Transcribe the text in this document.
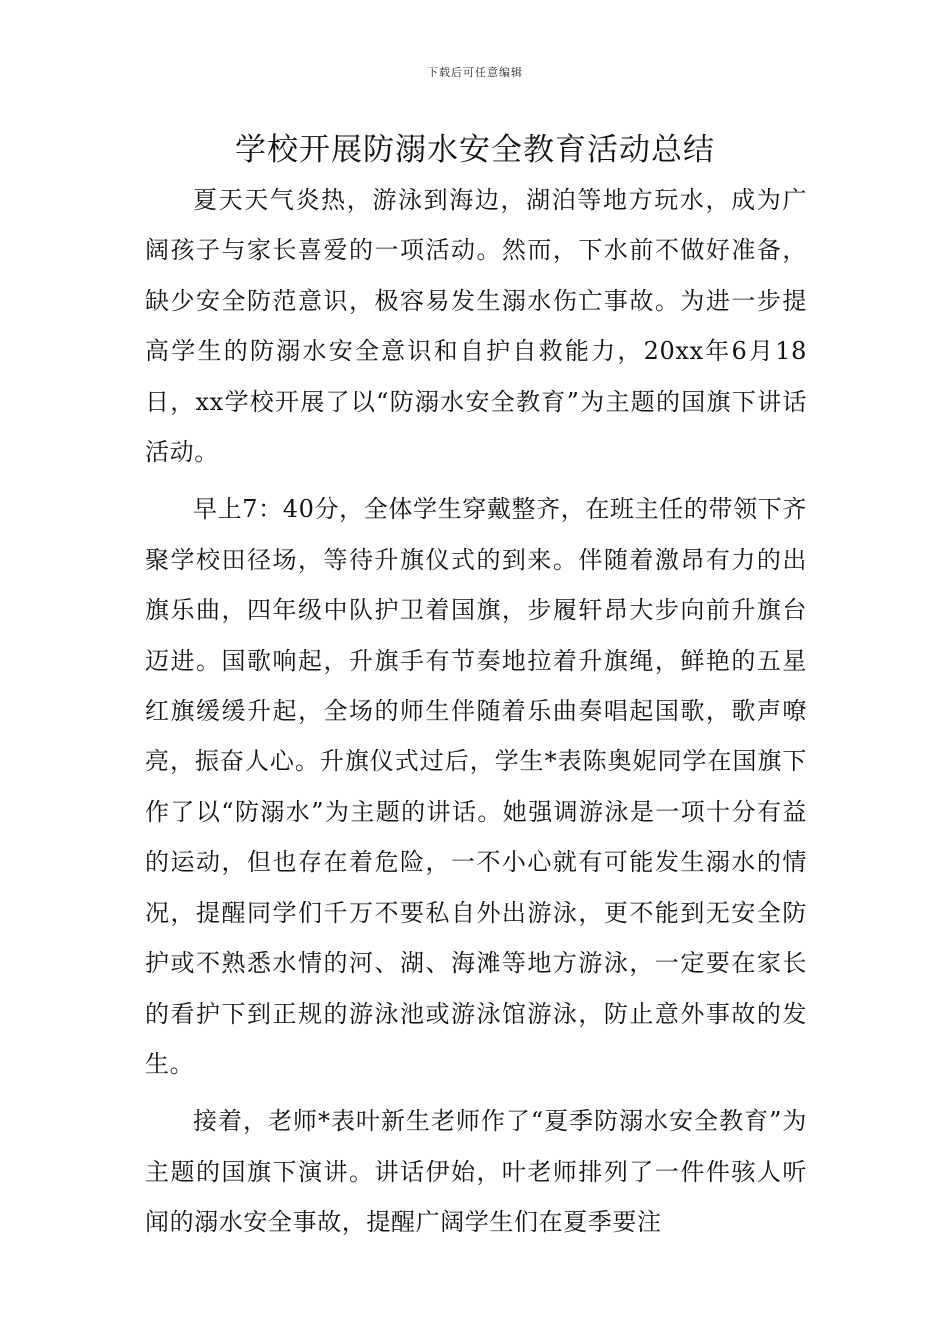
下载后可任意编辑
学校开展防溺水安全教育活动总结

夏天天气炎热，游泳到海边，湖泊等地方玩水，成为广阔孩子与家长喜爱的一项活动。然而，下水前不做好准备，缺少安全防范意识，极容易发生溺水伤亡事故。为进一步提高学生的防溺水安全意识和自护自救能力，20xx年6月18日，xx学校开展了以“防溺水安全教育”为主题的国旗下讲话活动。

早上7：40分，全体学生穿戴整齐，在班主任的带领下齐聚学校田径场，等待升旗仪式的到来。伴随着激昂有力的出旗乐曲，四年级中队护卫着国旗，步履轩昂大步向前升旗台迈进。国歌响起，升旗手有节奏地拉着升旗绳，鲜艳的五星红旗缓缓升起，全场的师生伴随着乐曲奏唱起国歌，歌声嘹亮，振奋人心。升旗仪式过后，学生*表陈奥妮同学在国旗下作了以“防溺水”为主题的讲话。她强调游泳是一项十分有益的运动，但也存在着危险，一不小心就有可能发生溺水的情况，提醒同学们千万不要私自外出游泳，更不能到无安全防护或不熟悉水情的河、湖、海滩等地方游泳，一定要在家长的看护下到正规的游泳池或游泳馆游泳，防止意外事故的发生。

接着，老师*表叶新生老师作了“夏季防溺水安全教育”为主题的国旗下演讲。讲话伊始，叶老师排列了一件件骇人听闻的溺水安全事故，提醒广阔学生们在夏季要注
